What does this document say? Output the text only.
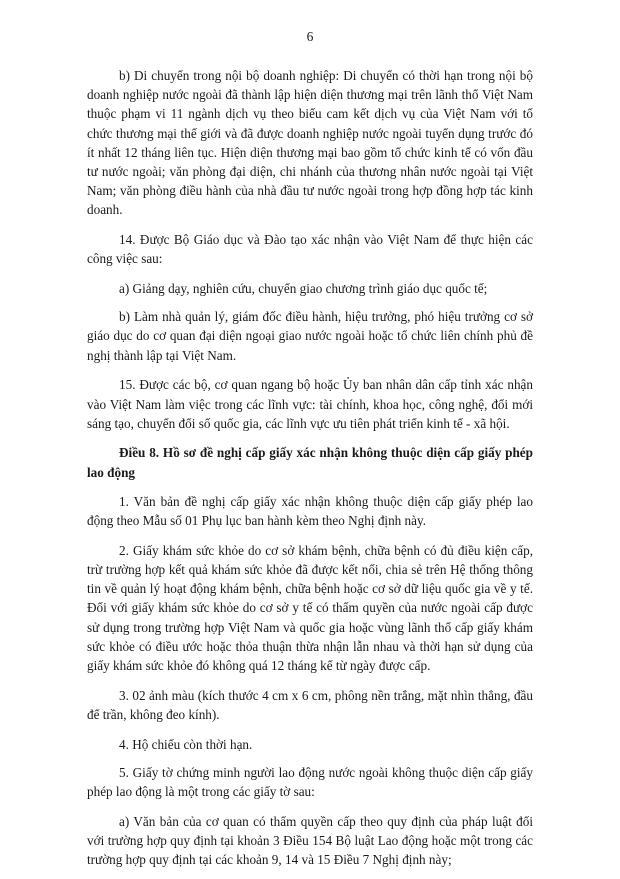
6

b) Di chuyển trong nội bộ doanh nghiệp: Di chuyển có thời hạn trong nội bộ doanh nghiệp nước ngoài đã thành lập hiện diện thương mại trên lãnh thổ Việt Nam thuộc phạm vi 11 ngành dịch vụ theo biểu cam kết dịch vụ của Việt Nam với tổ chức thương mại thế giới và đã được doanh nghiệp nước ngoài tuyển dụng trước đó ít nhất 12 tháng liên tục. Hiện diện thương mại bao gồm tổ chức kinh tế có vốn đầu tư nước ngoài; văn phòng đại diện, chi nhánh của thương nhân nước ngoài tại Việt Nam; văn phòng điều hành của nhà đầu tư nước ngoài trong hợp đồng hợp tác kinh doanh.

14. Được Bộ Giáo dục và Đào tạo xác nhận vào Việt Nam để thực hiện các công việc sau:

a) Giảng dạy, nghiên cứu, chuyển giao chương trình giáo dục quốc tế;

b) Làm nhà quản lý, giám đốc điều hành, hiệu trưởng, phó hiệu trưởng cơ sở giáo dục do cơ quan đại diện ngoại giao nước ngoài hoặc tổ chức liên chính phủ đề nghị thành lập tại Việt Nam.

15. Được các bộ, cơ quan ngang bộ hoặc Ủy ban nhân dân cấp tỉnh xác nhận vào Việt Nam làm việc trong các lĩnh vực: tài chính, khoa học, công nghệ, đổi mới sáng tạo, chuyển đổi số quốc gia, các lĩnh vực ưu tiên phát triển kinh tế - xã hội.

Điều 8. Hồ sơ đề nghị cấp giấy xác nhận không thuộc diện cấp giấy phép lao động

1. Văn bản đề nghị cấp giấy xác nhận không thuộc diện cấp giấy phép lao động theo Mẫu số 01 Phụ lục ban hành kèm theo Nghị định này.

2. Giấy khám sức khỏe do cơ sở khám bệnh, chữa bệnh có đủ điều kiện cấp, trừ trường hợp kết quả khám sức khỏe đã được kết nối, chia sẻ trên Hệ thống thông tin về quản lý hoạt động khám bệnh, chữa bệnh hoặc cơ sở dữ liệu quốc gia về y tế. Đối với giấy khám sức khỏe do cơ sở y tế có thẩm quyền của nước ngoài cấp được sử dụng trong trường hợp Việt Nam và quốc gia hoặc vùng lãnh thổ cấp giấy khám sức khỏe có điều ước hoặc thỏa thuận thừa nhận lẫn nhau và thời hạn sử dụng của giấy khám sức khỏe đó không quá 12 tháng kể từ ngày được cấp.

3. 02 ảnh màu (kích thước 4 cm x 6 cm, phông nền trắng, mặt nhìn thẳng, đầu để trần, không đeo kính).

4. Hộ chiếu còn thời hạn.

5. Giấy tờ chứng minh người lao động nước ngoài không thuộc diện cấp giấy phép lao động là một trong các giấy tờ sau:

a) Văn bản của cơ quan có thẩm quyền cấp theo quy định của pháp luật đối với trường hợp quy định tại khoản 3 Điều 154 Bộ luật Lao động hoặc một trong các trường hợp quy định tại các khoản 9, 14 và 15 Điều 7 Nghị định này;
